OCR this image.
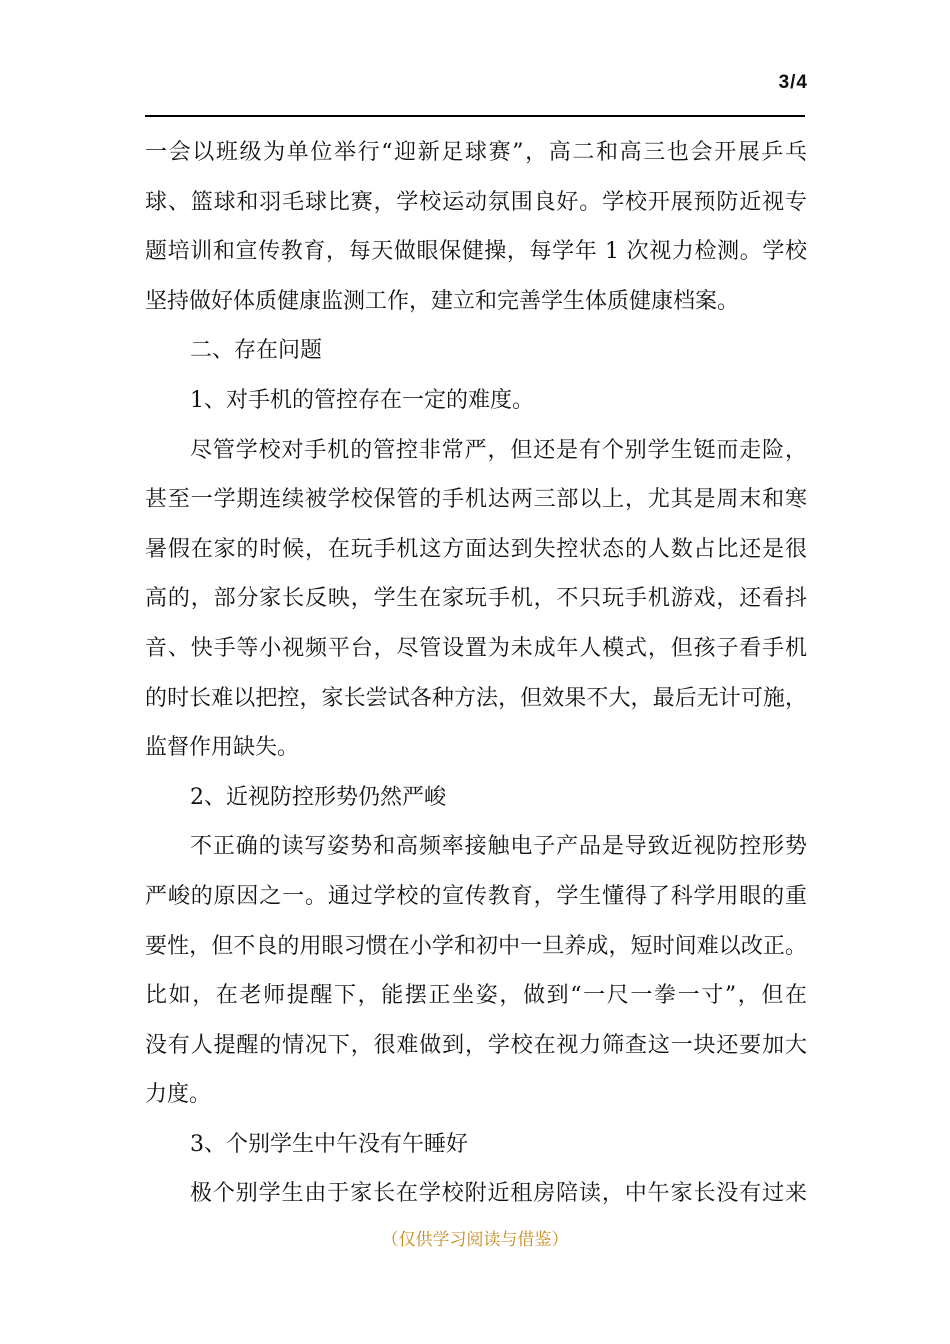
3/4
一会以班级为单位举行“迎新足球赛”，高二和高三也会开展乒乓
球、篮球和羽毛球比赛，学校运动氛围良好。学校开展预防近视专
题培训和宣传教育，每天做眼保健操，每学年 1 次视力检测。学校
坚持做好体质健康监测工作，建立和完善学生体质健康档案。
二、存在问题
1、对手机的管控存在一定的难度。
尽管学校对手机的管控非常严，但还是有个别学生铤而走险，
甚至一学期连续被学校保管的手机达两三部以上，尤其是周末和寒
暑假在家的时候，在玩手机这方面达到失控状态的人数占比还是很
高的，部分家长反映，学生在家玩手机，不只玩手机游戏，还看抖
音、快手等小视频平台，尽管设置为未成年人模式，但孩子看手机
的时长难以把控，家长尝试各种方法，但效果不大，最后无计可施，
监督作用缺失。
2、近视防控形势仍然严峻
不正确的读写姿势和高频率接触电子产品是导致近视防控形势
严峻的原因之一。通过学校的宣传教育，学生懂得了科学用眼的重
要性，但不良的用眼习惯在小学和初中一旦养成，短时间难以改正。
比如，在老师提醒下，能摆正坐姿，做到“一尺一拳一寸”，但在
没有人提醒的情况下，很难做到，学校在视力筛查这一块还要加大
力度。
3、个别学生中午没有午睡好
极个别学生由于家长在学校附近租房陪读，中午家长没有过来
（仅供学习阅读与借鉴）
